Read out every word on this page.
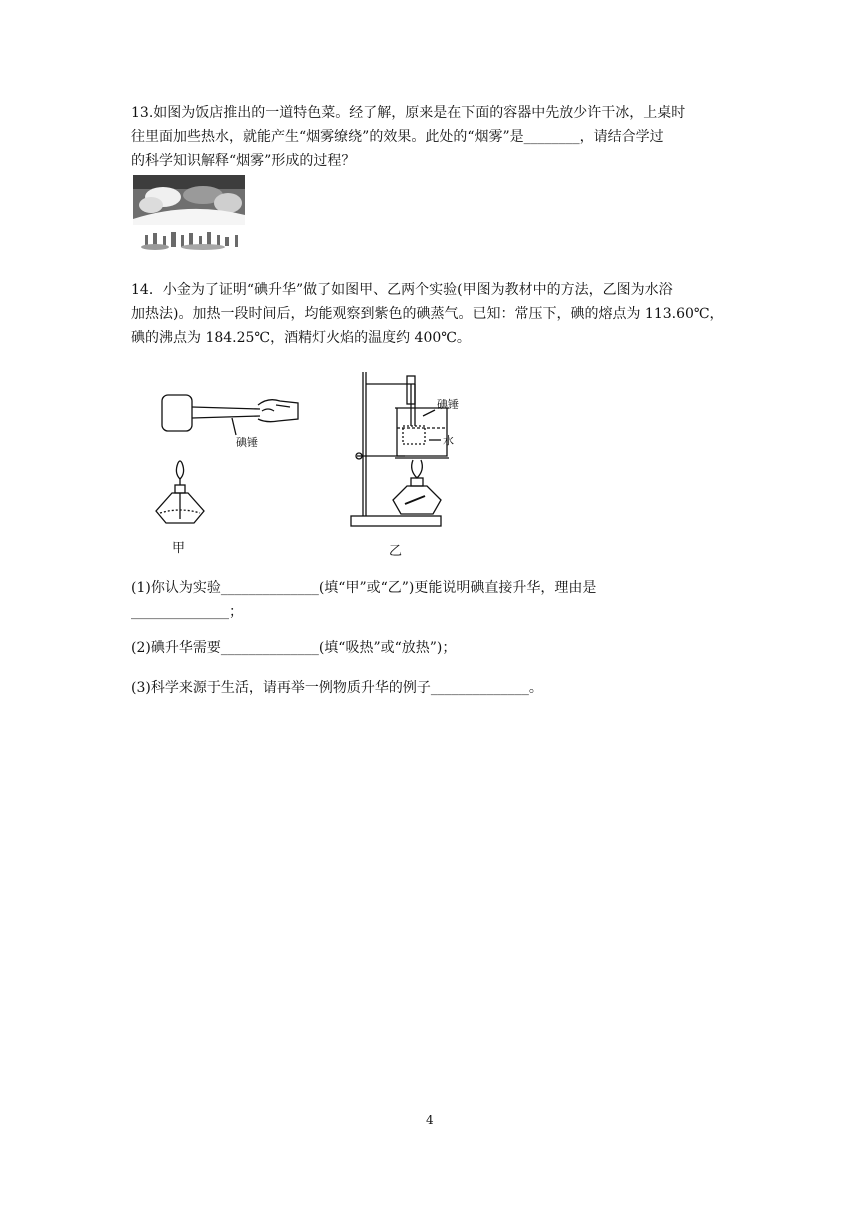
13.如图为饭店推出的一道特色菜。经了解，原来是在下面的容器中先放少许干冰，上桌时
往里面加些热水，就能产生“烟雾缭绕”的效果。此处的“烟雾”是________，请结合学过
的科学知识解释“烟雾”形成的过程？
14．小金为了证明“碘升华”做了如图甲、乙两个实验(甲图为教材中的方法，乙图为水浴
加热法)。加热一段时间后，均能观察到紫色的碘蒸气。已知：常压下，碘的熔点为 113.60℃，
碘的沸点为 184.25℃，酒精灯火焰的温度约 400℃。
碘锤
碘锤
水
甲	乙
(1)你认为实验______________(填“甲”或“乙”)更能说明碘直接升华，理由是
______________；
(2)碘升华需要______________(填“吸热”或“放热”)；
(3)科学来源于生活，请再举一例物质升华的例子______________。
4
